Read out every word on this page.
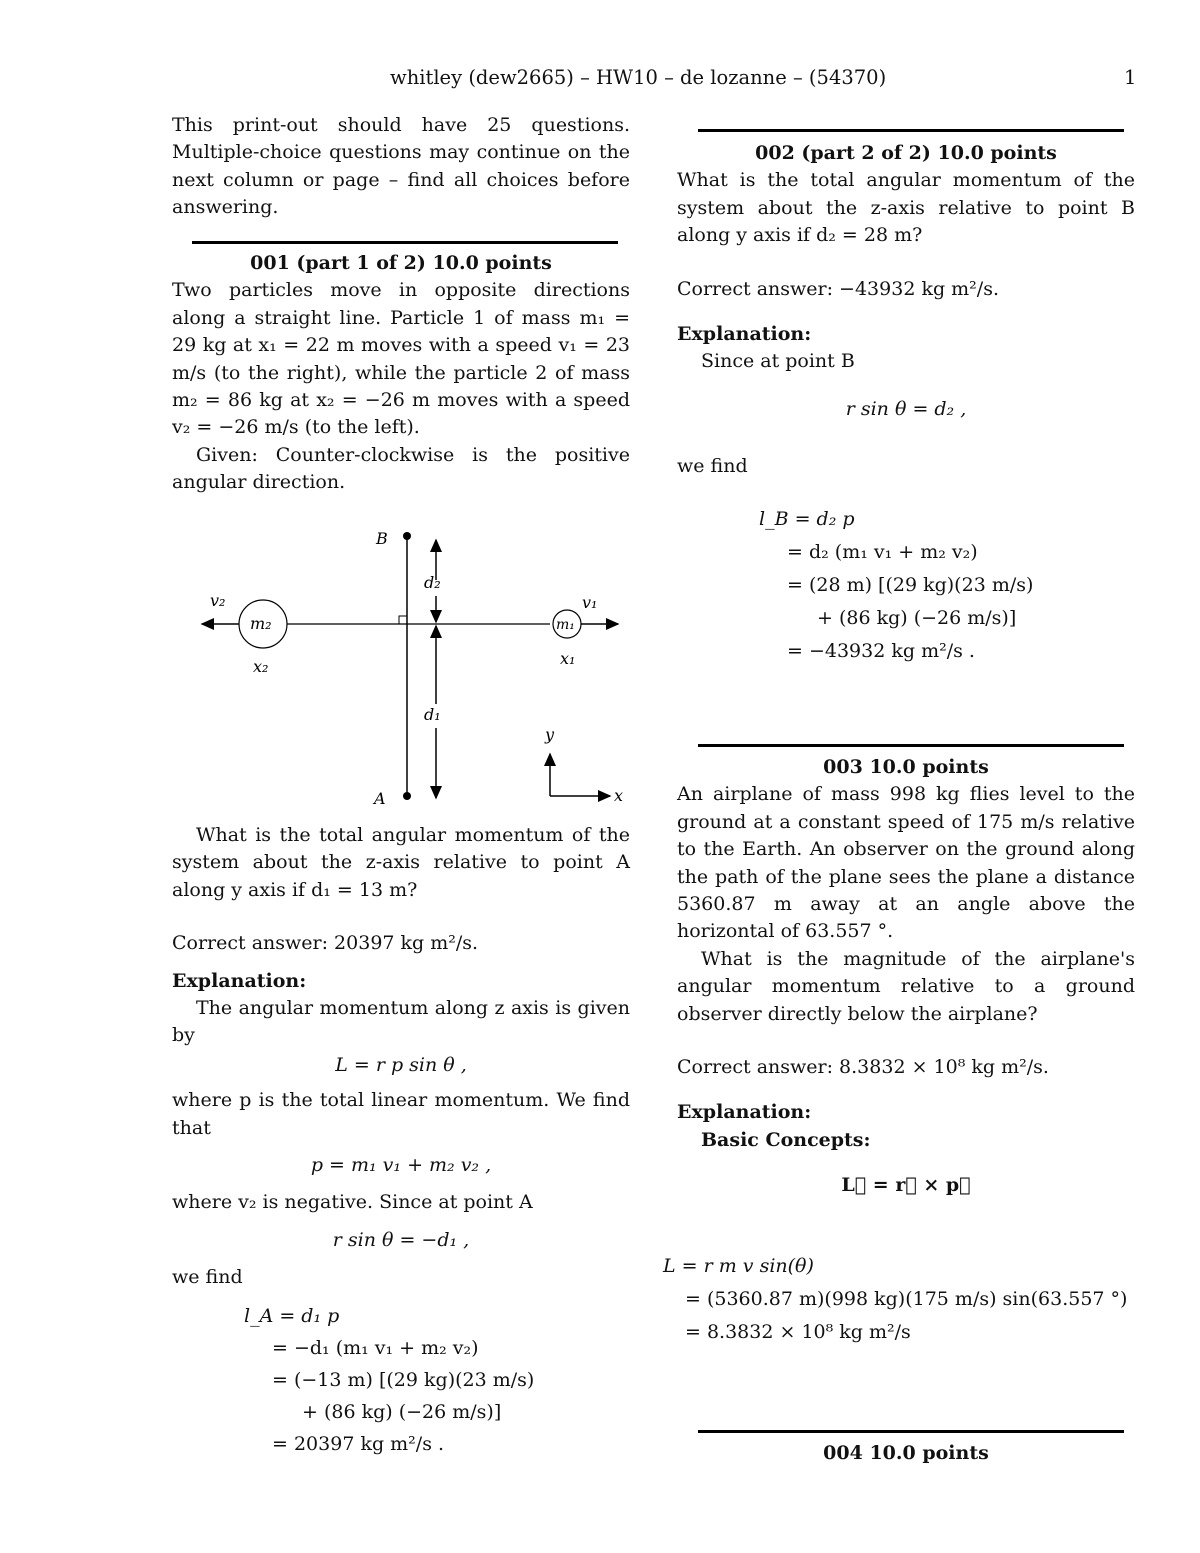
whitley (dew2665) – HW10 – de lozanne – (54370)	1

This print-out should have 25 questions. Multiple-choice questions may continue on the next column or page – find all choices before answering.

001 (part 1 of 2) 10.0 points

Two particles move in opposite directions along a straight line. Particle 1 of mass m₁ = 29 kg at x₁ = 22 m moves with a speed v₁ = 23 m/s (to the right), while the particle 2 of mass m₂ = 86 kg at x₂ = −26 m moves with a speed v₂ = −26 m/s (to the left).

Given: Counter-clockwise is the positive angular direction.

B
A
m₂
v₂
x₂
m₁
v₁
x₁
d₂
d₁
y
x

What is the total angular momentum of the system about the z-axis relative to point A along y axis if d₁ = 13 m?

Correct answer: 20397 kg m²/s.

Explanation:

The angular momentum along z axis is given by

L = r p sin θ ,

where p is the total linear momentum. We find that

p = m₁ v₁ + m₂ v₂ ,

where v₂ is negative. Since at point A

r sin θ = −d₁ ,

we find

l_A = d₁ p
= −d₁ (m₁ v₁ + m₂ v₂)
= (−13 m) [(29 kg)(23 m/s)
+ (86 kg) (−26 m/s)]
= 20397 kg m²/s .
002 (part 2 of 2) 10.0 points

What is the total angular momentum of the system about the z-axis relative to point B along y axis if d₂ = 28 m?

Correct answer: −43932 kg m²/s.

Explanation:

Since at point B

r sin θ = d₂ ,

we find

l_B = d₂ p
= d₂ (m₁ v₁ + m₂ v₂)
= (28 m) [(29 kg)(23 m/s)
+ (86 kg) (−26 m/s)]
= −43932 kg m²/s .
003 10.0 points

An airplane of mass 998 kg flies level to the ground at a constant speed of 175 m/s relative to the Earth. An observer on the ground along the path of the plane sees the plane a distance 5360.87 m away at an angle above the horizontal of 63.557 °.

What is the magnitude of the airplane's angular momentum relative to a ground observer directly below the airplane?

Correct answer: 8.3832 × 10⁸ kg m²/s.

Explanation:
Basic Concepts:
L⃗ = r⃗ × p⃗
L = r m v sin(θ)
= (5360.87 m)(998 kg)(175 m/s) sin(63.557 °)
= 8.3832 × 10⁸ kg m²/s
004 10.0 points
